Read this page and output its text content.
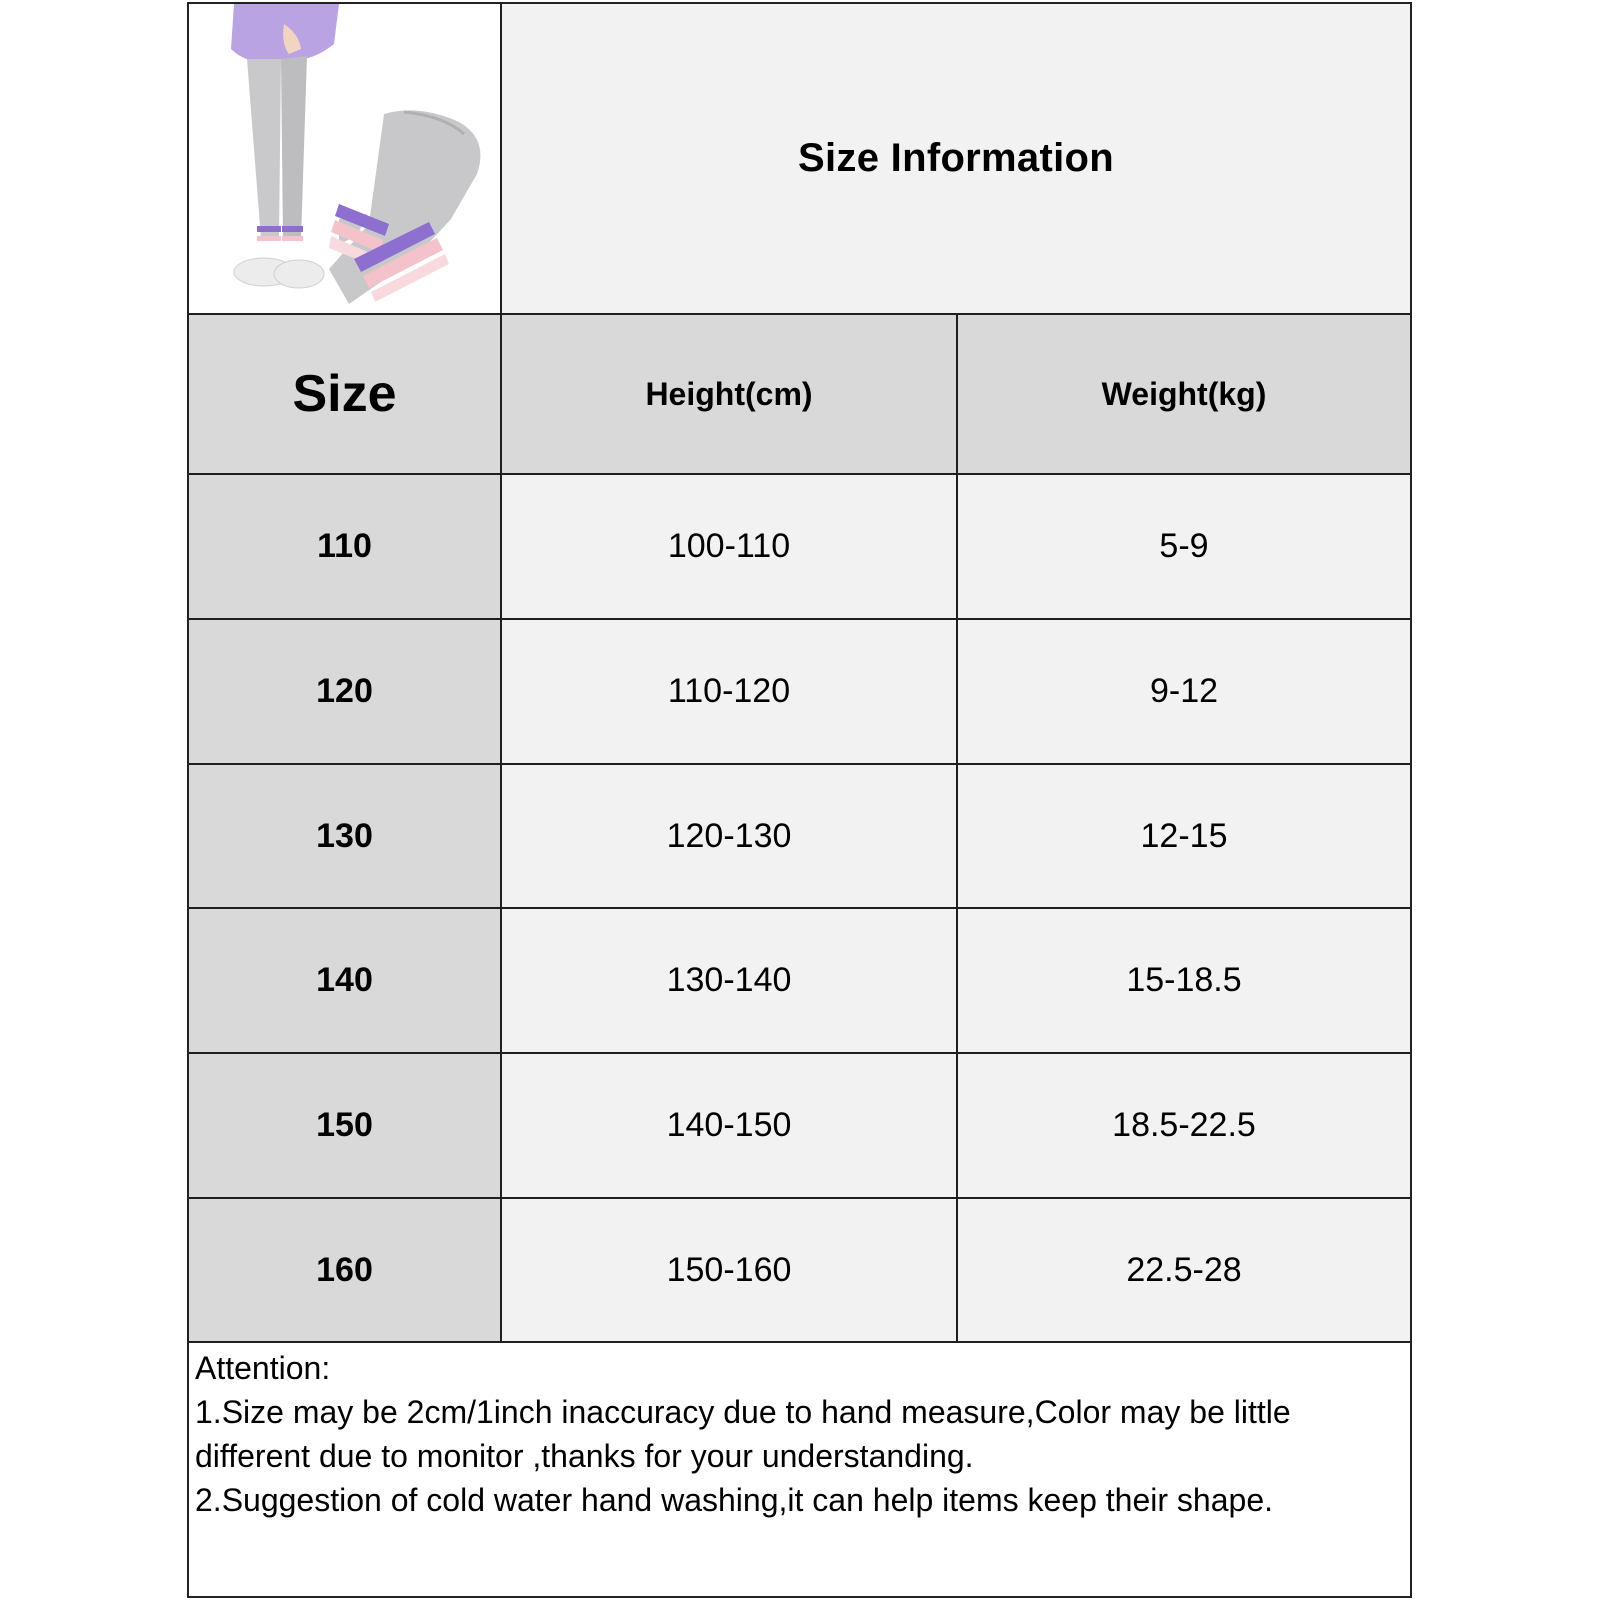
Size Information
Size	Height(cm)	Weight(kg)
110	100-110	5-9
120	110-120	9-12
130	120-130	12-15
140	130-140	15-18.5
150	140-150	18.5-22.5
160	150-160	22.5-28
Attention:
1.Size may be 2cm/1inch inaccuracy due to hand measure,Color may be little
different due to monitor ,thanks for your understanding.
2.Suggestion of cold water hand washing,it can help items keep their shape.
